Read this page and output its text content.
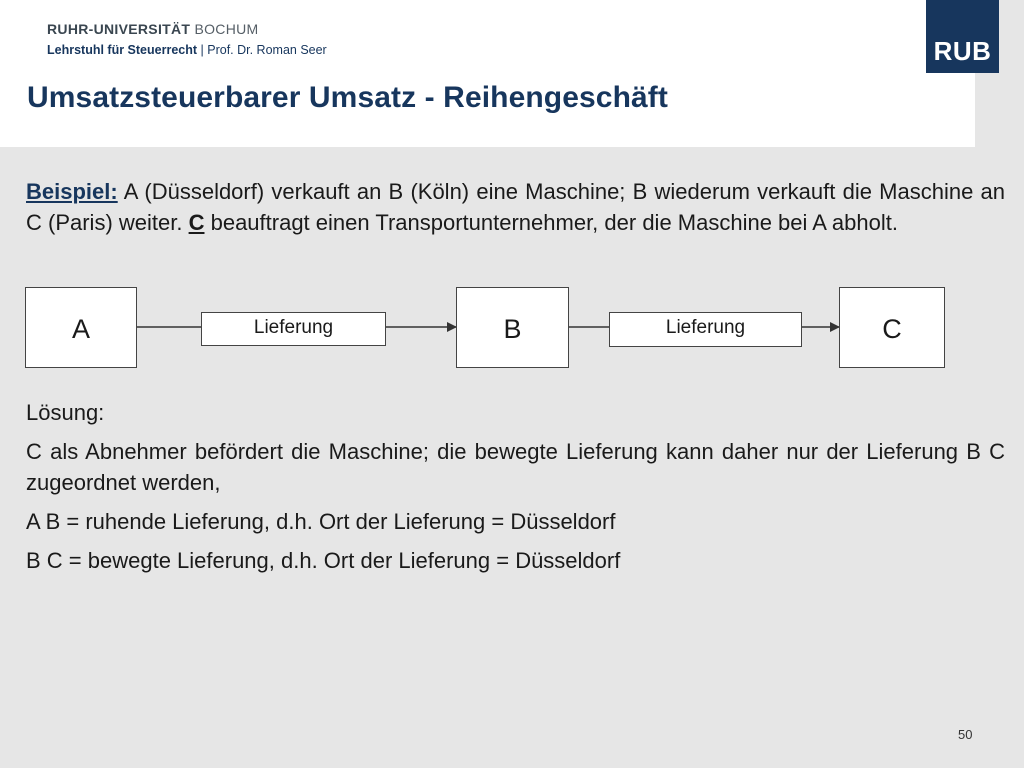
RUHR-UNIVERSITÄT BOCHUM
Lehrstuhl für Steuerrecht | Prof. Dr. Roman Seer
Umsatzsteuerbarer Umsatz - Reihengeschäft
RUB
Beispiel: A (Düsseldorf) verkauft an B (Köln) eine Maschine; B wiederum verkauft die Maschine an C (Paris) weiter. C beauftragt einen Transportunternehmer, der die Maschine bei A abholt.
A	Lieferung	B	Lieferung	C

Lösung:

C als Abnehmer befördert die Maschine; die bewegte Lieferung kann daher nur der Lieferung B C zugeordnet werden,

A B = ruhende Lieferung, d.h. Ort der Lieferung = Düsseldorf

B C = bewegte Lieferung, d.h. Ort der Lieferung = Düsseldorf

50
